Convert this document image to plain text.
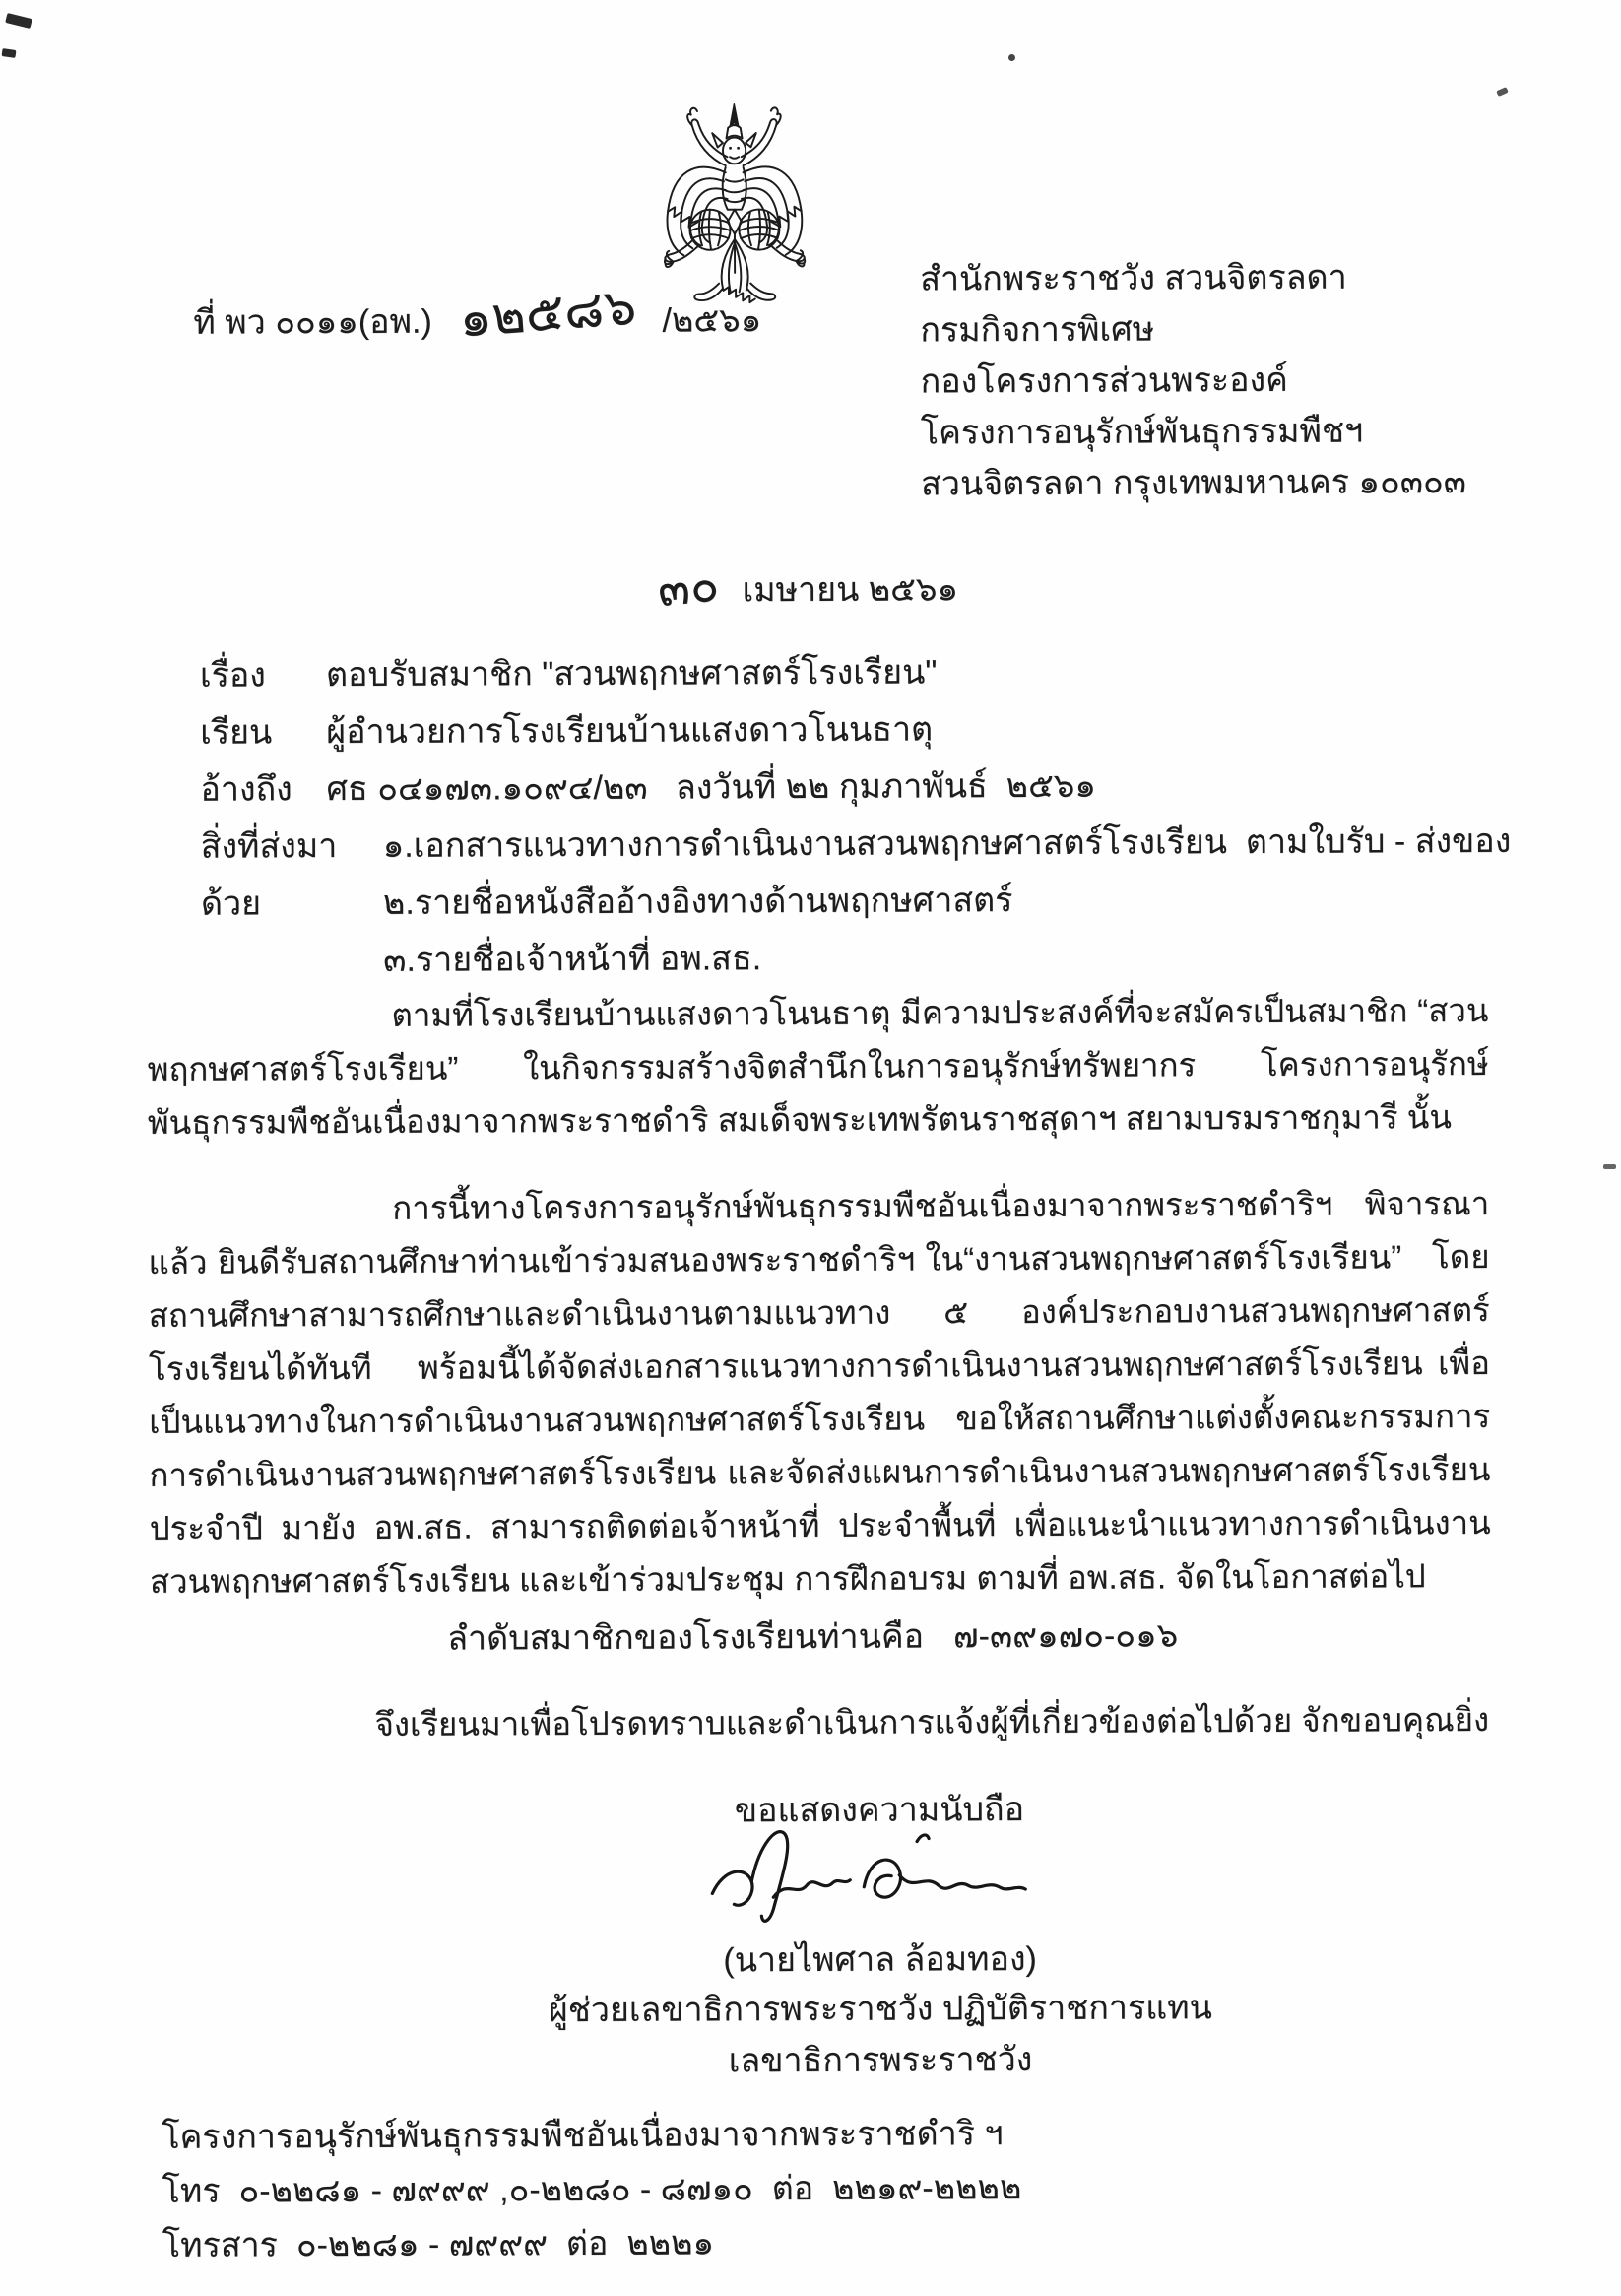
ที่ พว ๐๐๑๑(อพ.) ๑๒๕๘๖ /๒๕๖๑
สำนักพระราชวัง สวนจิตรลดา
กรมกิจการพิเศษ
กองโครงการส่วนพระองค์
โครงการอนุรักษ์พันธุกรรมพืชฯ
สวนจิตรลดา กรุงเทพมหานคร ๑๐๓๐๓
๓๐ เมษายน ๒๕๖๑
เรื่อง	ตอบรับสมาชิก "สวนพฤกษศาสตร์โรงเรียน"
เรียน	ผู้อำนวยการโรงเรียนบ้านแสงดาวโนนธาตุ
อ้างถึง	ศธ ๐๔๑๗๓.๑๐๙๔/๒๓   ลงวันที่ ๒๒ กุมภาพันธ์  ๒๕๖๑
สิ่งที่ส่งมาด้วย
๑.เอกสารแนวทางการดำเนินงานสวนพฤกษศาสตร์โรงเรียน  ตามใบรับ - ส่งของ
๒.รายชื่อหนังสืออ้างอิงทางด้านพฤกษศาสตร์
๓.รายชื่อเจ้าหน้าที่ อพ.สธ.

ตามที่โรงเรียนบ้านแสงดาวโนนธาตุ มีความประสงค์ที่จะสมัครเป็นสมาชิก “สวนพฤกษศาสตร์โรงเรียน” ในกิจกรรมสร้างจิตสำนึกในการอนุรักษ์ทรัพยากร โครงการอนุรักษ์พันธุกรรมพืชอันเนื่องมาจากพระราชดำริ สมเด็จพระเทพรัตนราชสุดาฯ สยามบรมราชกุมารี นั้น

การนี้ทางโครงการอนุรักษ์พันธุกรรมพืชอันเนื่องมาจากพระราชดำริฯ พิจารณาแล้ว ยินดีรับสถานศึกษาท่านเข้าร่วมสนองพระราชดำริฯ ใน“งานสวนพฤกษศาสตร์โรงเรียน”   โดยสถานศึกษาสามารถศึกษาและดำเนินงานตามแนวทาง ๕ องค์ประกอบงานสวนพฤกษศาสตร์โรงเรียนได้ทันที   พร้อมนี้ได้จัดส่งเอกสารแนวทางการดำเนินงานสวนพฤกษศาสตร์โรงเรียน เพื่อเป็นแนวทางในการดำเนินงานสวนพฤกษศาสตร์โรงเรียน ขอให้สถานศึกษาแต่งตั้งคณะกรรมการการดำเนินงานสวนพฤกษศาสตร์โรงเรียน และจัดส่งแผนการดำเนินงานสวนพฤกษศาสตร์โรงเรียนประจำปี มายัง อพ.สธ. สามารถติดต่อเจ้าหน้าที่ ประจำพื้นที่ เพื่อแนะนำแนวทางการดำเนินงานสวนพฤกษศาสตร์โรงเรียน และเข้าร่วมประชุม การฝึกอบรม ตามที่ อพ.สธ. จัดในโอกาสต่อไป

ลำดับสมาชิกของโรงเรียนท่านคือ ๗-๓๙๑๗๐-๐๑๖
จึงเรียนมาเพื่อโปรดทราบและดำเนินการแจ้งผู้ที่เกี่ยวข้องต่อไปด้วย จักขอบคุณยิ่ง
ขอแสดงความนับถือ
(นายไพศาล ล้อมทอง)
ผู้ช่วยเลขาธิการพระราชวัง ปฏิบัติราชการแทน
เลขาธิการพระราชวัง
โครงการอนุรักษ์พันธุกรรมพืชอันเนื่องมาจากพระราชดำริ ฯ
โทร  ๐-๒๒๘๑ - ๗๙๙๙ ,๐-๒๒๘๐ - ๘๗๑๐  ต่อ  ๒๒๑๙-๒๒๒๒
โทรสาร  ๐-๒๒๘๑ - ๗๙๙๙  ต่อ  ๒๒๒๑
